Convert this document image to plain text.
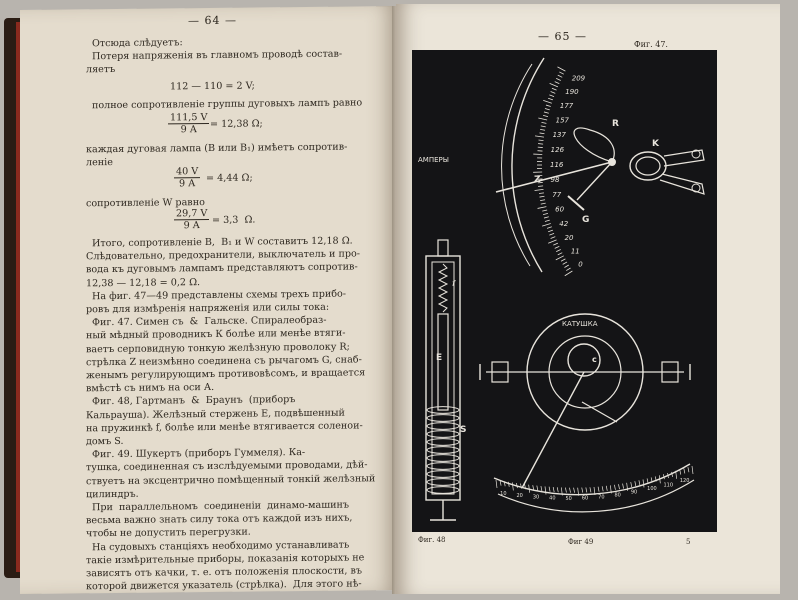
— 64 —
Отсюда слѣдуетъ:
Потеря напряженія въ главномъ проводѣ состав-
ляетъ
112 — 110 = 2 V;
полное сопротивленіе группы дуговыхъ лампъ равно
$\frac{111,5 V}{9 A} = 12,38$ Ω;
каждая дуговая лампа (В или В₁) имѣетъ сопротив-
леніе
$\frac{40 V}{9 A} = 4,44$ Ω;
сопротивленіе W равно
$\frac{29,7 V}{9 A} = 3,3$  Ω.
Итого, сопротивленіе В,  В₁ и W составитъ 12,18 Ω.
Слѣдовательно, предохранители, выключатель и про-
вода къ дуговымъ лампамъ представляютъ сопротив-
12,38 — 12,18 = 0,2 Ω.
На фиг. 47—49 представлены схемы трехъ прибо-
ровъ для измѣренія напряженія или силы тока:
Фиг. 47. Симен съ  &  Гальске. Спиралеобраз-
ный мѣдный проводникъ К болѣе или менѣе втяги-
ваетъ серповидную тонкую желѣзную проволоку R;
стрѣлка Z неизмѣнно соединена съ рычагомъ G, снаб-
женымъ регулирующимъ противовѣсомъ, и вращается
вмѣстѣ съ нимъ на оси А.
Фиг. 48, Гартманъ  &  Браунъ  (приборъ
Кальрауша). Желѣзный стержень Е, подвѣшенный
на пружинкѣ f, болѣе или менѣе втягивается соленои-
домъ S.
Фиг. 49. Шукертъ (приборъ Гуммеля). Ка-
тушка, соединенная съ изслѣдуемыми проводами, дѣй-
ствуетъ на эксцентрично помѣщенный тонкій желѣзный
цилиндръ.
При  параллельномъ  соединеніи  динамо-машинъ
весьма важно знать силу тока отъ каждой изъ нихъ,
чтобы не допустить перегрузки.
На судовыхъ станціяхъ необходимо устанавливать
такіе измѣрительные приборы, показанія которыхъ не
зависятъ отъ качки, т. е. отъ положенія плоскости, въ
которой движется указатель (стрѣлка).  Для этого нѣ-
— 65 —
Фиг. 47.
Фиг. 48	Фиг 49	5
0
11
20
42
60
77
98
116
126
137
157
177
190
209
АМПЕРЫ
R
K
Z
G
f
E
S
КАТУШКА
c
10 20 30 40 50 60 70 80 90
100
110
120
